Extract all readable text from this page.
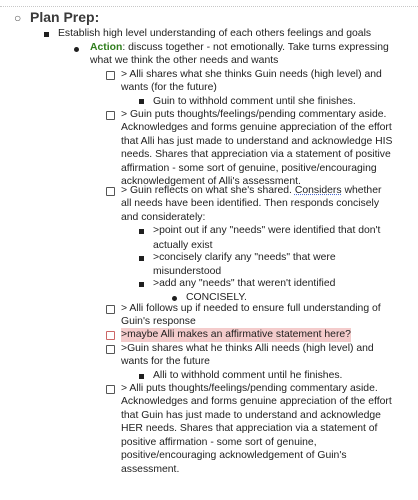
○ Plan Prep:
Establish high level understanding of each others feelings and goals
Action: discuss together - not emotionally. Take turns expressing
what we think the other needs and wants
> Alli shares what she thinks Guin needs (high level) and
wants (for the future)
Guin to withhold comment until she finishes.
> Guin puts thoughts/feelings/pending commentary aside.
Acknowledges and forms genuine appreciation of the effort
that Alli has just made to understand and acknowledge HIS
needs. Shares that appreciation via a statement of positive
affirmation - some sort of genuine, positive/encouraging
acknowledgement of Alli's assessment.
> Guin reflects on what she's shared. Considers whether
all needs have been identified. Then responds concisely
and considerately:
>point out if any "needs" were identified that don't
actually exist
>concisely clarify any "needs" that were
misunderstood
>add any "needs" that weren't identified
CONCISELY.
> Alli follows up if needed to ensure full understanding of
Guin's response
>maybe Alli makes an affirmative statement here?
>Guin shares what he thinks Alli needs (high level) and
wants for the future
Alli to withhold comment until he finishes.
> Alli puts thoughts/feelings/pending commentary aside.
Acknowledges and forms genuine appreciation of the effort
that Guin has just made to understand and acknowledge
HER needs. Shares that appreciation via a statement of
positive affirmation - some sort of genuine,
positive/encouraging acknowledgement of Guin's
assessment.
